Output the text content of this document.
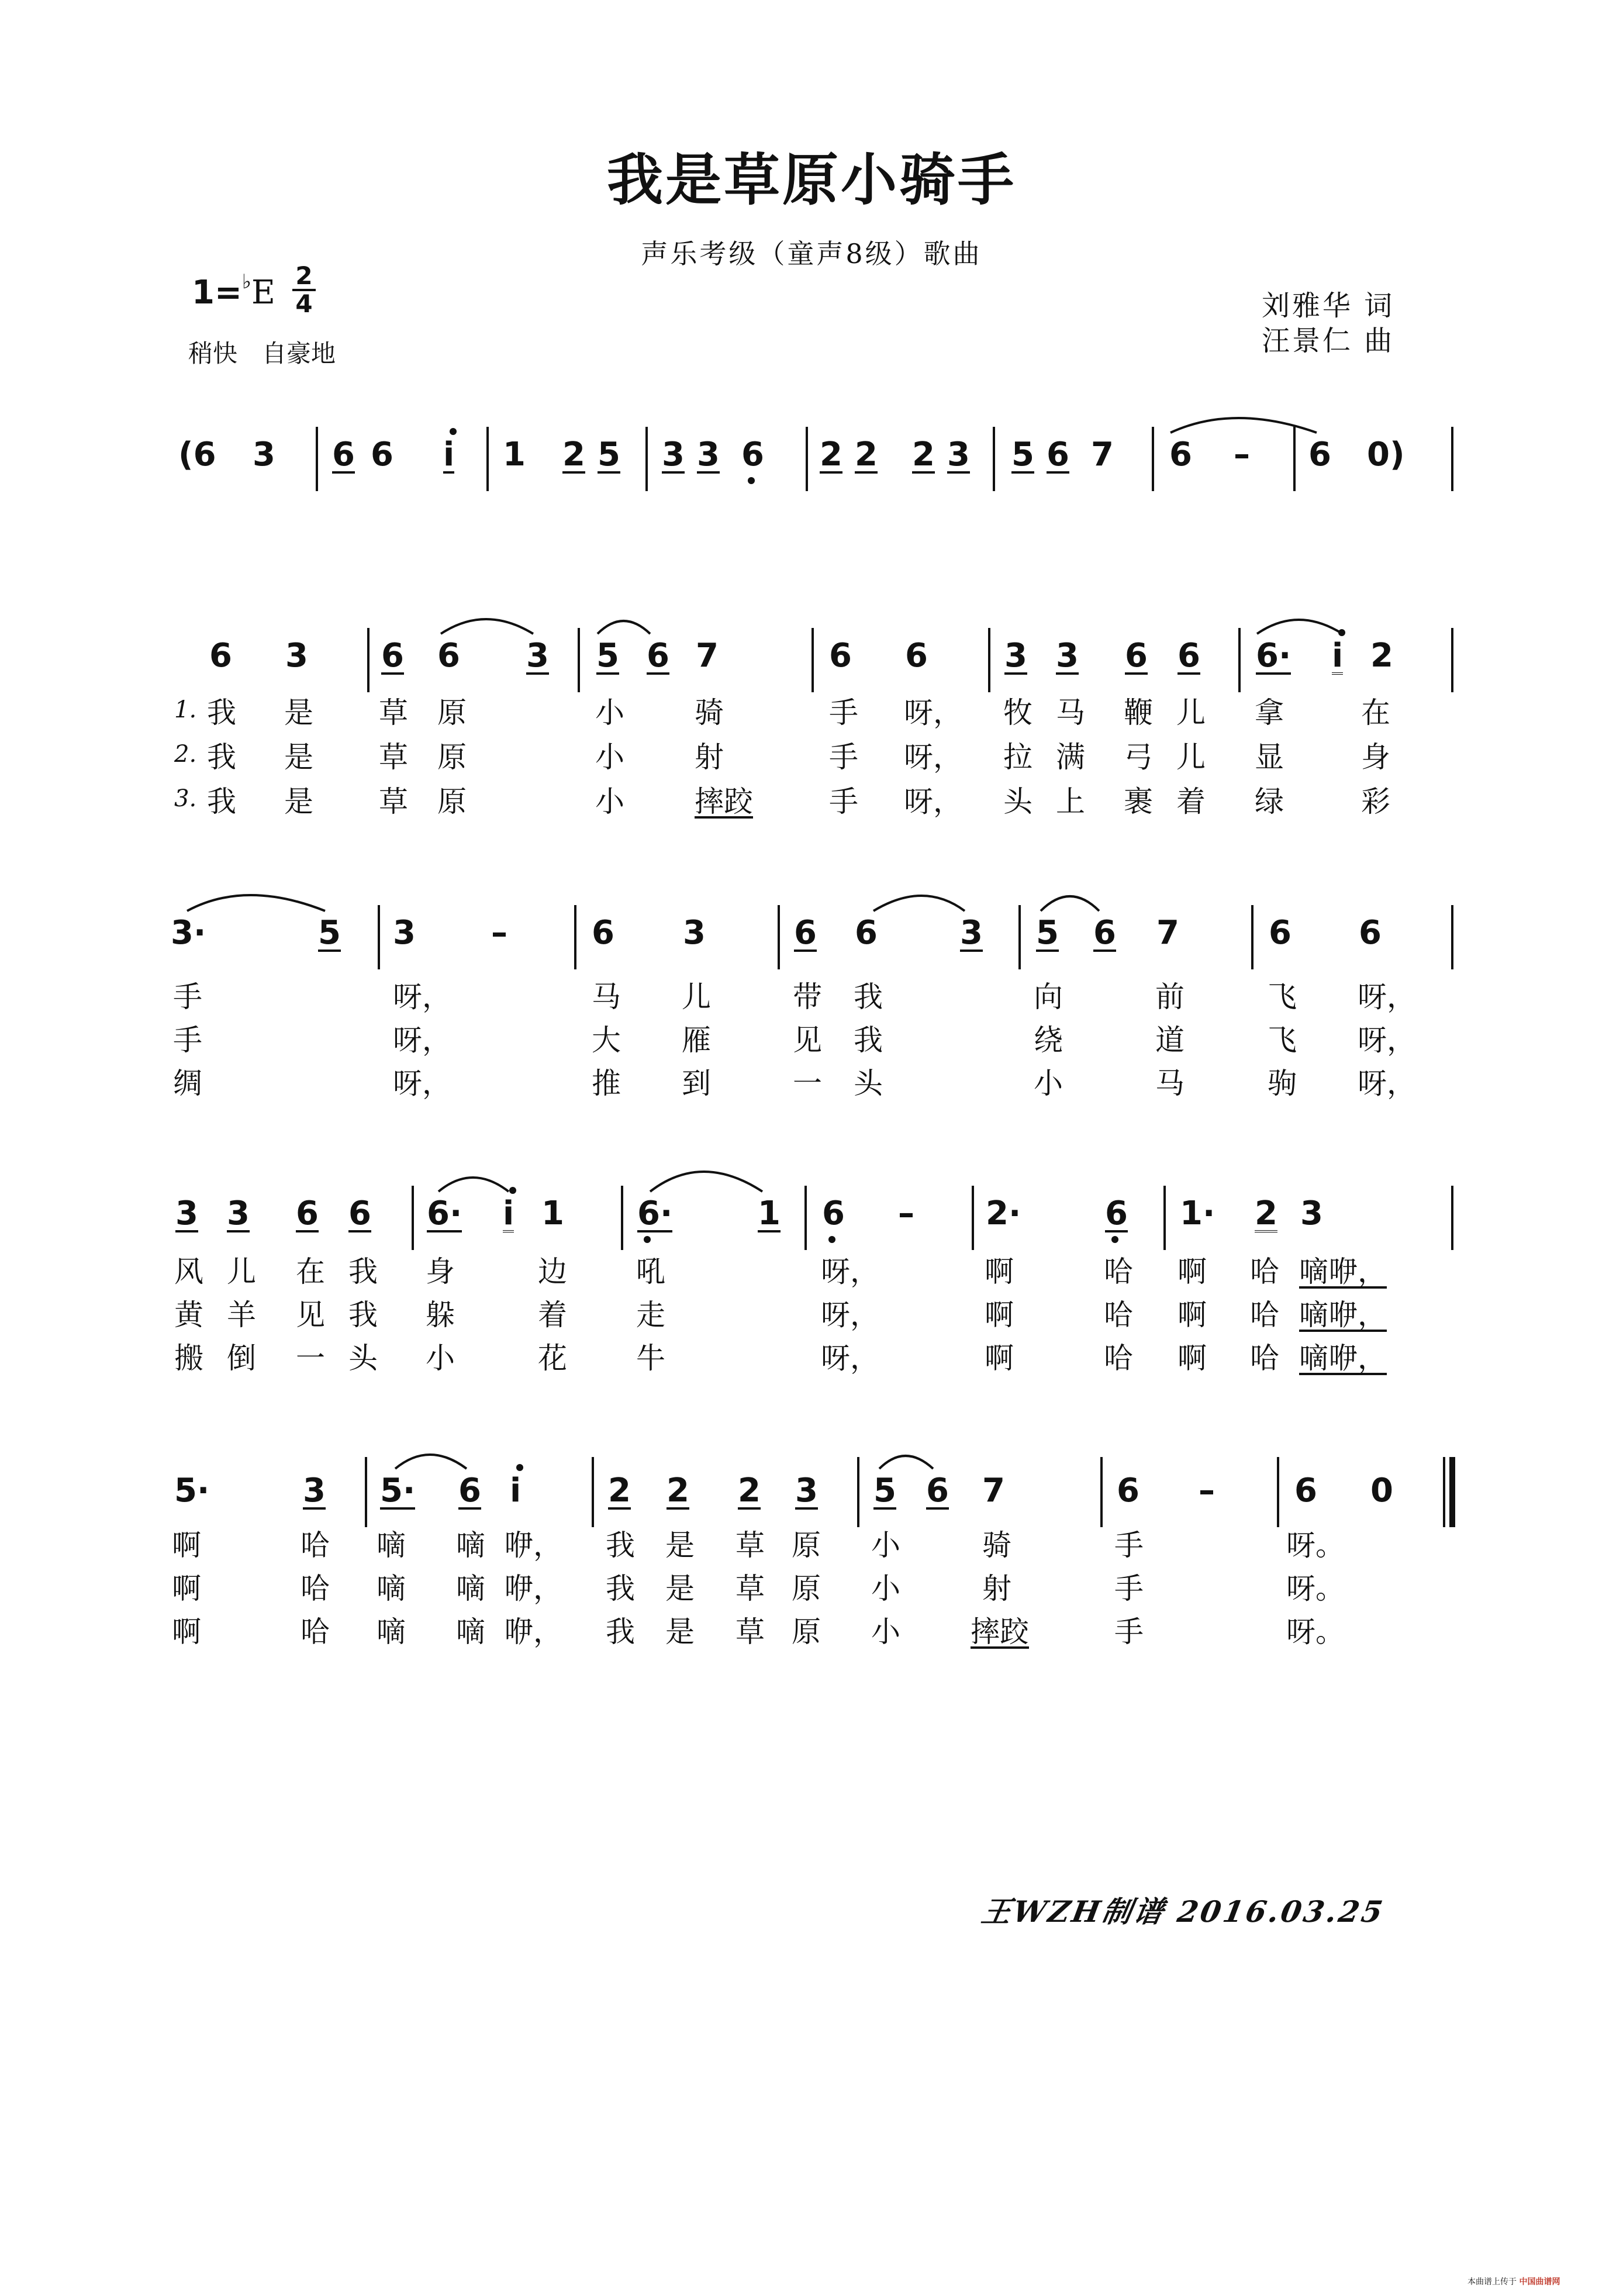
我是草原小骑手
声乐考级（童声8级）歌曲
1=♭E 2
4
稍快　自豪地
刘雅华 词
汪景仁 曲
(6 3 6 6 i 1 2 5 3 3 6 2 2 2 3 5 6 7 6 – 6 0)
6 3 6 6 3 5 6 7	6 6 3 3 6 6 6· i 2
1. 我 是 草 原	小 骑	手 呀， 牧 马 鞭 儿 拿	在
2. 我 是 草 原	小 射	手 呀， 拉 满 弓 儿 显	身
3. 我 是 草 原	小 摔跤	手 呀， 头 上 裹 着 绿	彩
3·	5 3 –	6 3	6 6	3 5 6 7	6 6
手	呀，	马 儿	带 我	向	前	飞 呀，
手	呀，	大 雁	见 我	绕	道	飞 呀，
绸	呀，	推 到	一 头	小	马	驹 呀，
3 3 6 6 6· i 1 6·	1 6 – 2·	6 1· 2 3
风 儿 在 我 身	边 吼	呀，	啊	哈 啊 哈 嘀咿，
黄 羊 见 我 躲	着 走	呀，	啊	哈 啊 哈 嘀咿，
搬 倒 一 头 小	花 牛	呀，	啊	哈 啊 哈 嘀咿，
5·	3 5· 6 i	2 2 2 3 5 6 7	6 – 6 0
啊	哈 嘀 嘀 咿， 我 是 草 原 小	骑	手	呀。
啊	哈 嘀 嘀 咿， 我 是 草 原 小	射	手	呀。
啊	哈 嘀 嘀 咿， 我 是 草 原 小 摔跤	手	呀。
王WZH制谱 2016.03.25
本曲谱上传于 中国曲谱网
